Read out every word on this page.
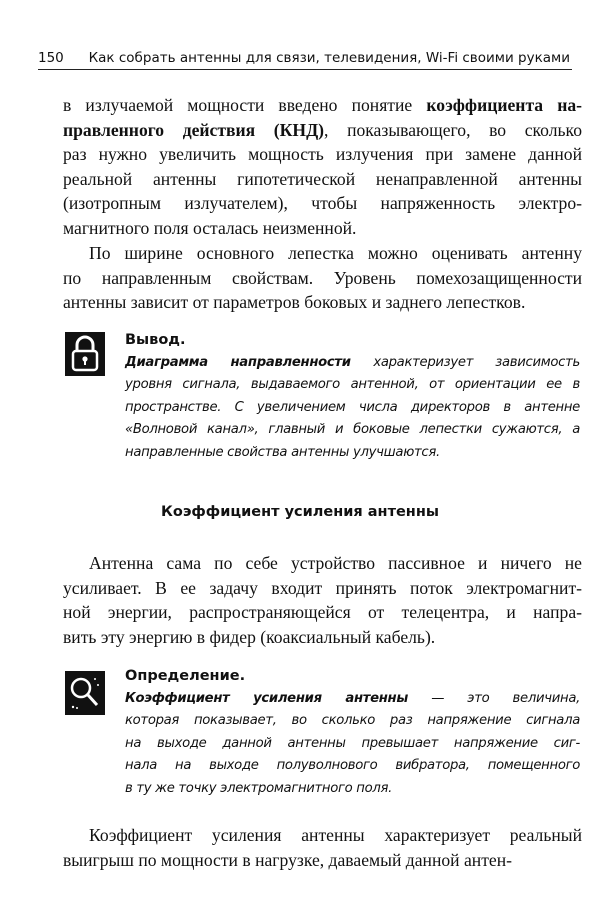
150 Как собрать антенны для связи, телевидения, Wi-Fi своими руками
в излучаемой мощности введено понятие коэффициента на-
правленного действия (КНД), показывающего, во сколько
раз нужно увеличить мощность излучения при замене данной
реальной антенны гипотетической ненаправленной антенны
(изотропным излучателем), чтобы напряженность электро-
магнитного поля осталась неизменной.
По ширине основного лепестка можно оценивать антенну
по направленным свойствам. Уровень помехозащищенности
антенны зависит от параметров боковых и заднего лепестков.
Вывод.
Диаграмма направленности характеризует зависимость
уровня сигнала, выдаваемого антенной, от ориентации ее в
пространстве. С увеличением числа директоров в антенне
«Волновой канал», главный и боковые лепестки сужаются, а
направленные свойства антенны улучшаются.
Коэффициент усиления антенны
Антенна сама по себе устройство пассивное и ничего не
усиливает. В ее задачу входит принять поток электромагнит-
ной энергии, распространяющейся от телецентра, и напра-
вить эту энергию в фидер (коаксиальный кабель).
Определение.
Коэффициент усиления антенны — это величина,
которая показывает, во сколько раз напряжение сигнала
на выходе данной антенны превышает напряжение сиг-
нала на выходе полуволнового вибратора, помещенного
в ту же точку электромагнитного поля.
Коэффициент усиления антенны характеризует реальный
выигрыш по мощности в нагрузке, даваемый данной антен-
